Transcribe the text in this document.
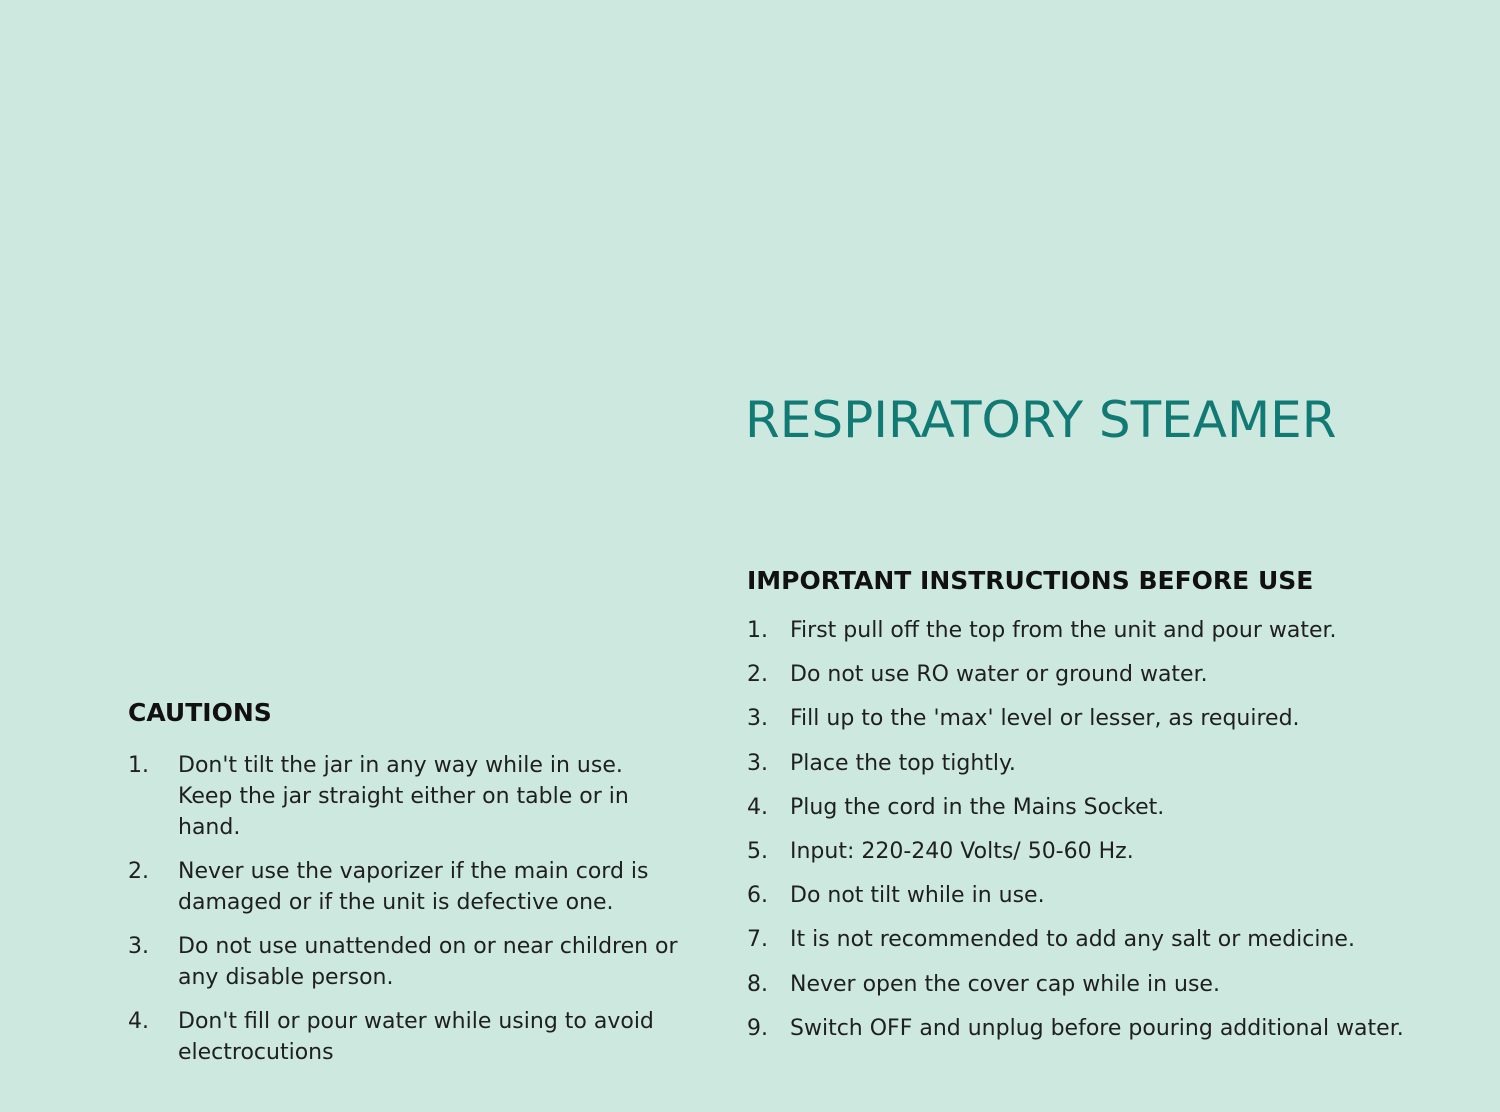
RESPIRATORY STEAMER
CAUTIONS
1.	Don't tilt the jar in any way while in use. Keep the jar straight either on table or in hand.
2.	Never use the vaporizer if the main cord is damaged or if the unit is defective one.
3.	Do not use unattended on or near children or any disable person.
4.	Don't fill or pour water while using to avoid electrocutions
IMPORTANT INSTRUCTIONS BEFORE USE
1.	First pull off the top from the unit and pour water.
2.	Do not use RO water or ground water.
3.	Fill up to the 'max' level or lesser, as required.
3.	Place the top tightly.
4.	Plug the cord in the Mains Socket.
5.	Input: 220-240 Volts/ 50-60 Hz.
6.	Do not tilt while in use.
7.	It is not recommended to add any salt or medicine.
8.	Never open the cover cap while in use.
9.	Switch OFF and unplug before pouring additional water.
